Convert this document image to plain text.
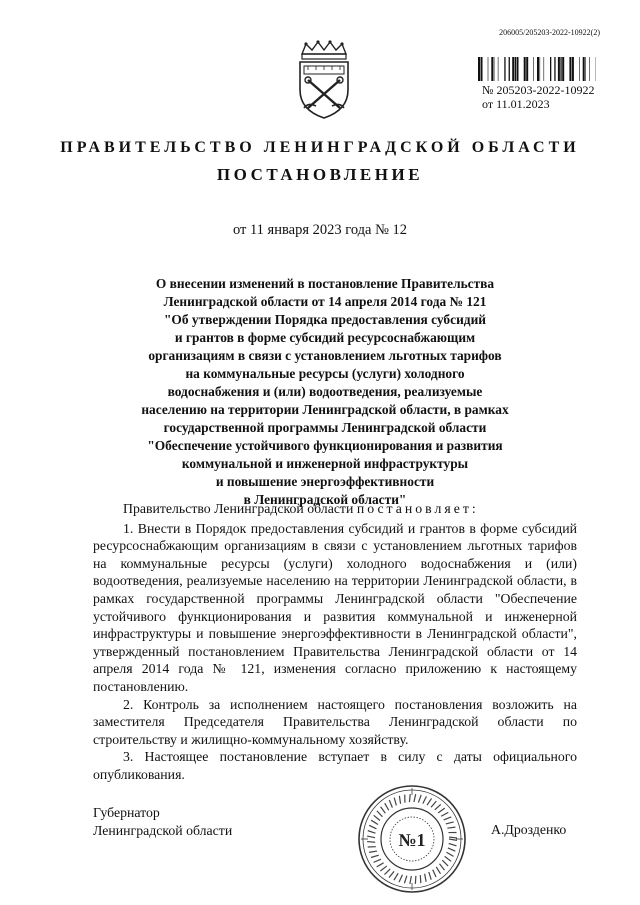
206005/205203-2022-10922(2)
№ 205203-2022-10922
от 11.01.2023
ПРАВИТЕЛЬСТВО ЛЕНИНГРАДСКОЙ ОБЛАСТИ
ПОСТАНОВЛЕНИЕ
от 11 января 2023 года № 12
О внесении изменений в постановление Правительства
Ленинградской области от 14 апреля 2014 года № 121
"Об утверждении Порядка предоставления субсидий
и грантов в форме субсидий ресурсоснабжающим
организациям в связи с установлением льготных тарифов
на коммунальные ресурсы (услуги) холодного
водоснабжения и (или) водоотведения, реализуемые
населению на территории Ленинградской области, в рамках
государственной программы Ленинградской области
"Обеспечение устойчивого функционирования и развития
коммунальной и инженерной инфраструктуры
и повышение энергоэффективности
в Ленинградской области"

Правительство Ленинградской области постановляет:

1. Внести в Порядок предоставления субсидий и грантов в форме субсидий ресурсоснабжающим организациям в связи с установлением льготных тарифов на коммунальные ресурсы (услуги) холодного водоснабжения и (или) водоотведения, реализуемые населению на территории Ленинградской области, в рамках государственной программы Ленинградской области "Обеспечение устойчивого функционирования и развития коммунальной и инженерной инфраструктуры и повышение энергоэффективности в Ленинградской области", утвержденный постановлением Правительства Ленинградской области от 14 апреля 2014 года № 121, изменения согласно приложению к настоящему постановлению.

2. Контроль за исполнением настоящего постановления возложить на заместителя Председателя Правительства Ленинградской области по строительству и жилищно-коммунальному хозяйству.

3. Настоящее постановление вступает в силу с даты официального опубликования.

Губернатор
Ленинградской области	А.Дрозденко
№1
